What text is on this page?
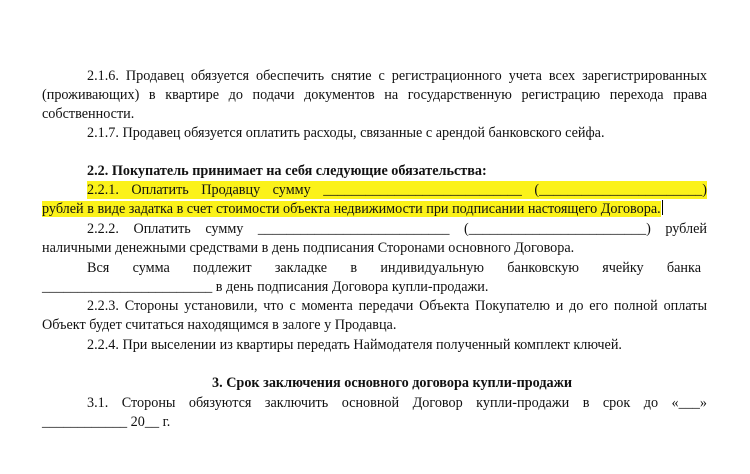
2.1.6. Продавец обязуется обеспечить снятие с регистрационного учета всех зарегистрированных
(проживающих) в квартире до подачи документов на государственную регистрацию перехода права
собственности.
2.1.7. Продавец обязуется оплатить расходы, связанные с арендой банковского сейфа.
2.2. Покупатель принимает на себя следующие обязательства:
2.2.1. Оплатить Продавцу сумму ____________________________ (_______________________)
рублей в виде задатка в счет стоимости объекта недвижимости при подписании настоящего Договора.
2.2.2. Оплатить сумму ___________________________ (_________________________) рублей
наличными денежными средствами в день подписания Сторонами основного Договора.
Вся сумма подлежит закладке в индивидуальную банковскую ячейку банка
________________________ в день подписания Договора купли-продажи.
2.2.3. Стороны установили, что с момента передачи Объекта Покупателю и до его полной оплаты
Объект будет считаться находящимся в залоге у Продавца.
2.2.4. При выселении из квартиры передать Наймодателя полученный комплект ключей.
3. Срок заключения основного договора купли-продажи
3.1. Стороны обязуются заключить основной Договор купли-продажи в срок до «___»
____________ 20__ г.
